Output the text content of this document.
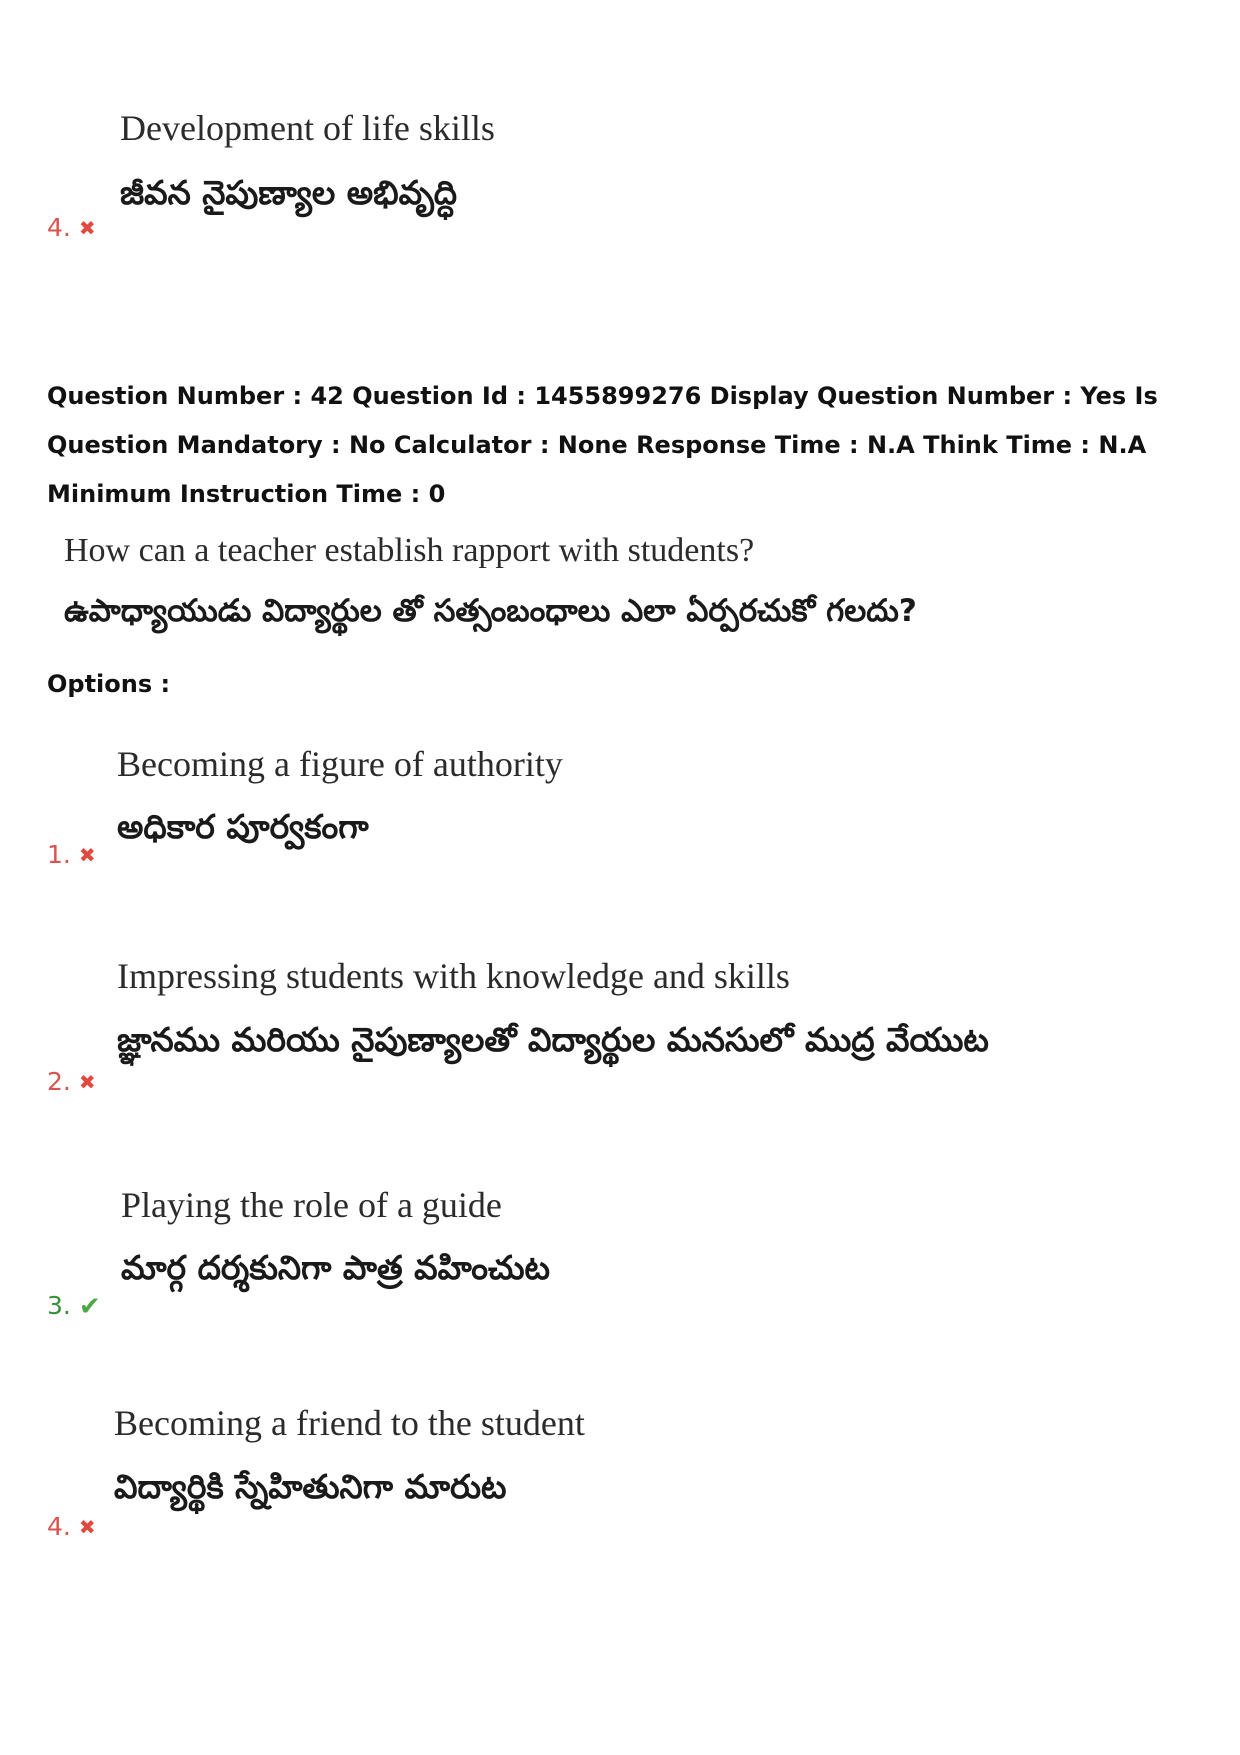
Development of life skills
జీవన నైపుణ్యాల అభివృద్ధి
4. ✖
Question Number : 42 Question Id : 1455899276 Display Question Number : Yes Is Question Mandatory : No Calculator : None Response Time : N.A Think Time : N.A Minimum Instruction Time : 0
How can a teacher establish rapport with students?
ఉపాధ్యాయుడు విద్యార్థుల తో సత్సంబంధాలు ఎలా ఏర్పరచుకో గలదు?
Options :
Becoming a figure of authority
అధికార పూర్వకంగా
1. ✖
Impressing students with knowledge and skills
జ్ఞానము మరియు నైపుణ్యాలతో విద్యార్థుల మనసులో ముద్ర వేయుట
2. ✖
Playing the role of a guide
మార్గ దర్శకునిగా పాత్ర వహించుట
3. ✔
Becoming a friend to the student
విద్యార్థికి స్నేహితునిగా మారుట
4. ✖
